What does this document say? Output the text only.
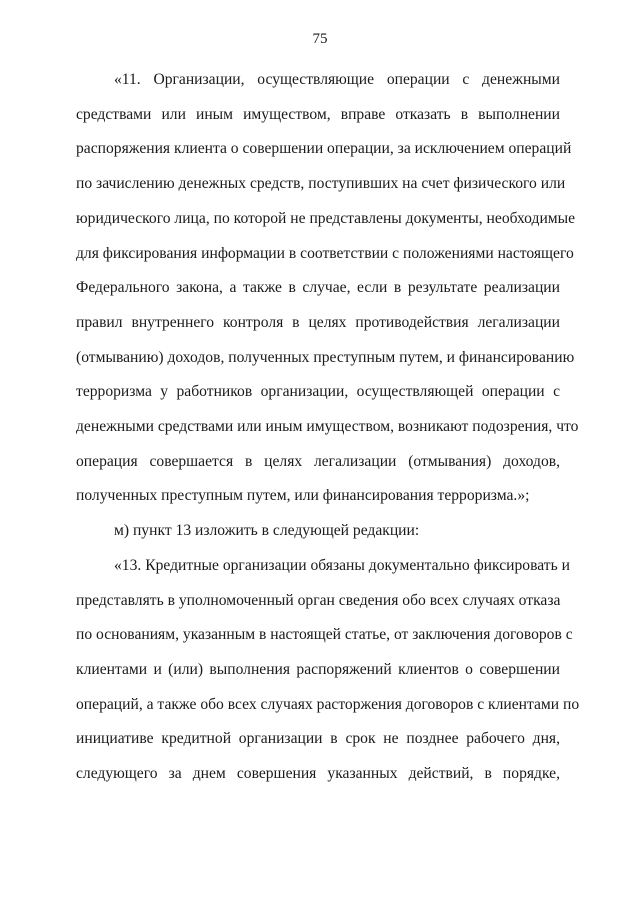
75
«11. Организации, осуществляющие операции с денежными
средствами или иным имуществом, вправе отказать в выполнении
распоряжения клиента о совершении операции, за исключением операций
по зачислению денежных средств, поступивших на счет физического или
юридического лица, по которой не представлены документы, необходимые
для фиксирования информации в соответствии с положениями настоящего
Федерального закона, а также в случае, если в результате реализации
правил внутреннего контроля в целях противодействия легализации
(отмыванию) доходов, полученных преступным путем, и финансированию
терроризма у работников организации, осуществляющей операции с
денежными средствами или иным имуществом, возникают подозрения, что
операция совершается в целях легализации (отмывания) доходов,
полученных преступным путем, или финансирования терроризма.»;
м) пункт 13 изложить в следующей редакции:
«13. Кредитные организации обязаны документально фиксировать и
представлять в уполномоченный орган сведения обо всех случаях отказа
по основаниям, указанным в настоящей статье, от заключения договоров с
клиентами и (или) выполнения распоряжений клиентов о совершении
операций, а также обо всех случаях расторжения договоров с клиентами по
инициативе кредитной организации в срок не позднее рабочего дня,
следующего за днем совершения указанных действий, в порядке,
